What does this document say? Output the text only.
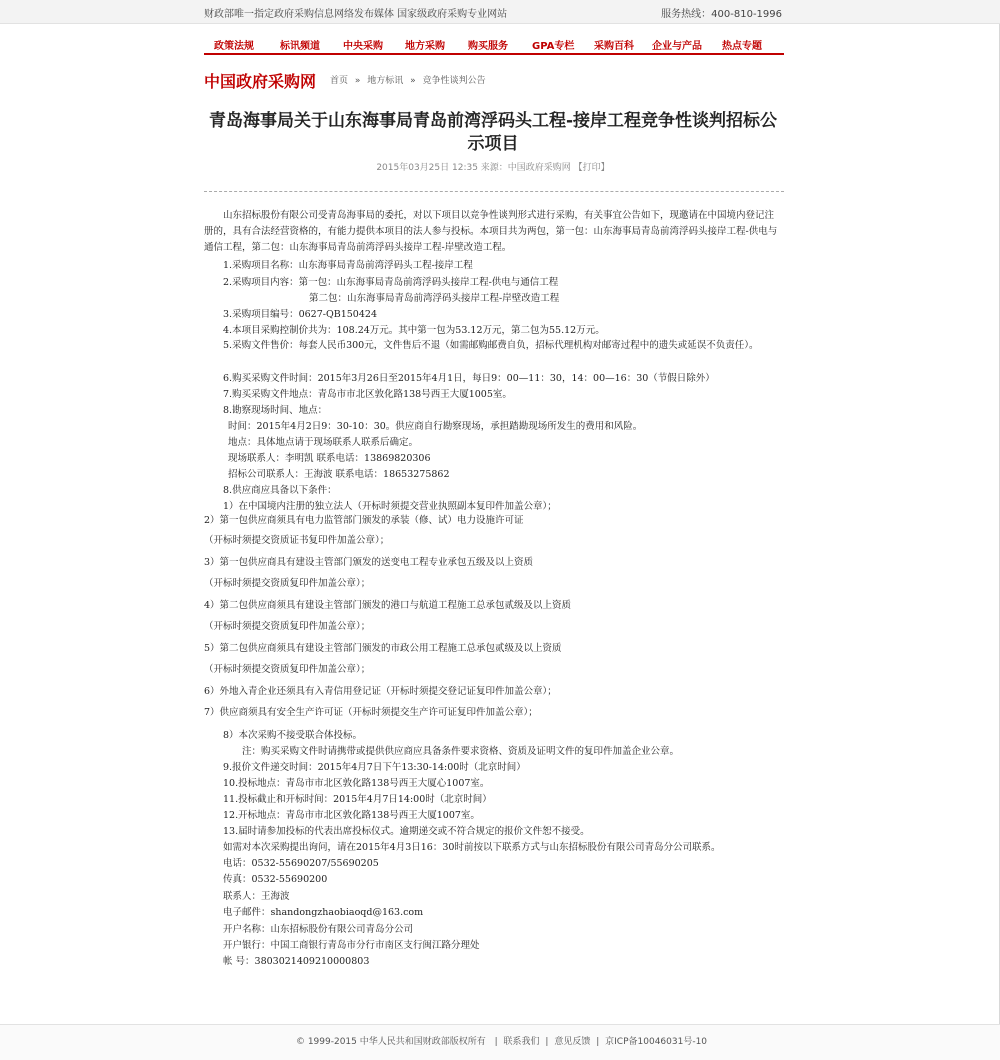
财政部唯一指定政府采购信息网络发布媒体 国家级政府采购专业网站	服务热线：400-810-1996
政策法规	标讯频道 中央采购 地方采购 购买服务 GPA专栏 采购百科 企业与产品 热点专题
中国政府采购网 首页 » 地方标讯 » 竞争性谈判公告
青岛海事局关于山东海事局青岛前湾浮码头工程-接岸工程竞争性谈判招标公示项目
2015年03月25日 12:35 来源：中国政府采购网 【打印】

山东招标股份有限公司受青岛海事局的委托，对以下项目以竞争性谈判形式进行采购，有关事宜公告如下，现邀请在中国境内登记注册的，具有合法经营资格的，有能力提供本项目的法人参与投标。本项目共为两包，第一包：山东海事局青岛前湾浮码头接岸工程-供电与通信工程，第二包：山东海事局青岛前湾浮码头接岸工程-岸壁改造工程。

1.采购项目名称：山东海事局青岛前湾浮码头工程-接岸工程

2.采购项目内容：第一包：山东海事局青岛前湾浮码头接岸工程-供电与通信工程

第二包：山东海事局青岛前湾浮码头接岸工程-岸壁改造工程

3.采购项目编号：0627-QB150424

4.本项目采购控制价共为：108.24万元。其中第一包为53.12万元，第二包为55.12万元。

5.采购文件售价：每套人民币300元，文件售后不退（如需邮购邮费自负，招标代理机构对邮寄过程中的遗失或延误不负责任）。

6.购买采购文件时间：2015年3月26日至2015年4月1日，每日9：00—11：30，14：00—16：30（节假日除外）

7.购买采购文件地点：青岛市市北区敦化路138号西王大厦1005室。

8.勘察现场时间、地点：

时间：2015年4月2日9：30-10：30。供应商自行勘察现场，承担踏勘现场所发生的费用和风险。

地点：具体地点请于现场联系人联系后确定。

现场联系人：李明凯 联系电话：13869820306

招标公司联系人：王海波 联系电话：18653275862

8.供应商应具备以下条件：

1）在中国境内注册的独立法人（开标时须提交营业执照副本复印件加盖公章）；

2）第一包供应商须具有电力监管部门颁发的承装（修、试）电力设施许可证

（开标时须提交资质证书复印件加盖公章）；

3）第一包供应商具有建设主管部门颁发的送变电工程专业承包五级及以上资质

（开标时须提交资质复印件加盖公章）；

4）第二包供应商须具有建设主管部门颁发的港口与航道工程施工总承包贰级及以上资质

（开标时须提交资质复印件加盖公章）；

5）第二包供应商须具有建设主管部门颁发的市政公用工程施工总承包贰级及以上资质

（开标时须提交资质复印件加盖公章）；

6）外地入青企业还须具有入青信用登记证（开标时须提交登记证复印件加盖公章）；

7）供应商须具有安全生产许可证（开标时须提交生产许可证复印件加盖公章）；

8）本次采购不接受联合体投标。

注：购买采购文件时请携带或提供供应商应具备条件要求资格、资质及证明文件的复印件加盖企业公章。

9.报价文件递交时间：2015年4月7日下午13:30-14:00时（北京时间）

10.投标地点：青岛市市北区敦化路138号西王大厦心1007室。

11.投标截止和开标时间：2015年4月7日14:00时（北京时间）

12.开标地点：青岛市市北区敦化路138号西王大厦1007室。

13.届时请参加投标的代表出席投标仪式。逾期递交或不符合规定的报价文件恕不接受。

如需对本次采购提出询问，请在2015年4月3日16：30时前按以下联系方式与山东招标股份有限公司青岛分公司联系。

电话：0532-55690207/55690205

传真：0532-55690200

联系人：王海波

电子邮件：shandongzhaobiaoqd@163.com

开户名称：山东招标股份有限公司青岛分公司

开户银行：中国工商银行青岛市分行市南区支行闽江路分理处

帐 号：3803021409210000803

© 1999-2015 中华人民共和国财政部版权所有 | 联系我们 | 意见反馈 | 京ICP备10046031号-10
